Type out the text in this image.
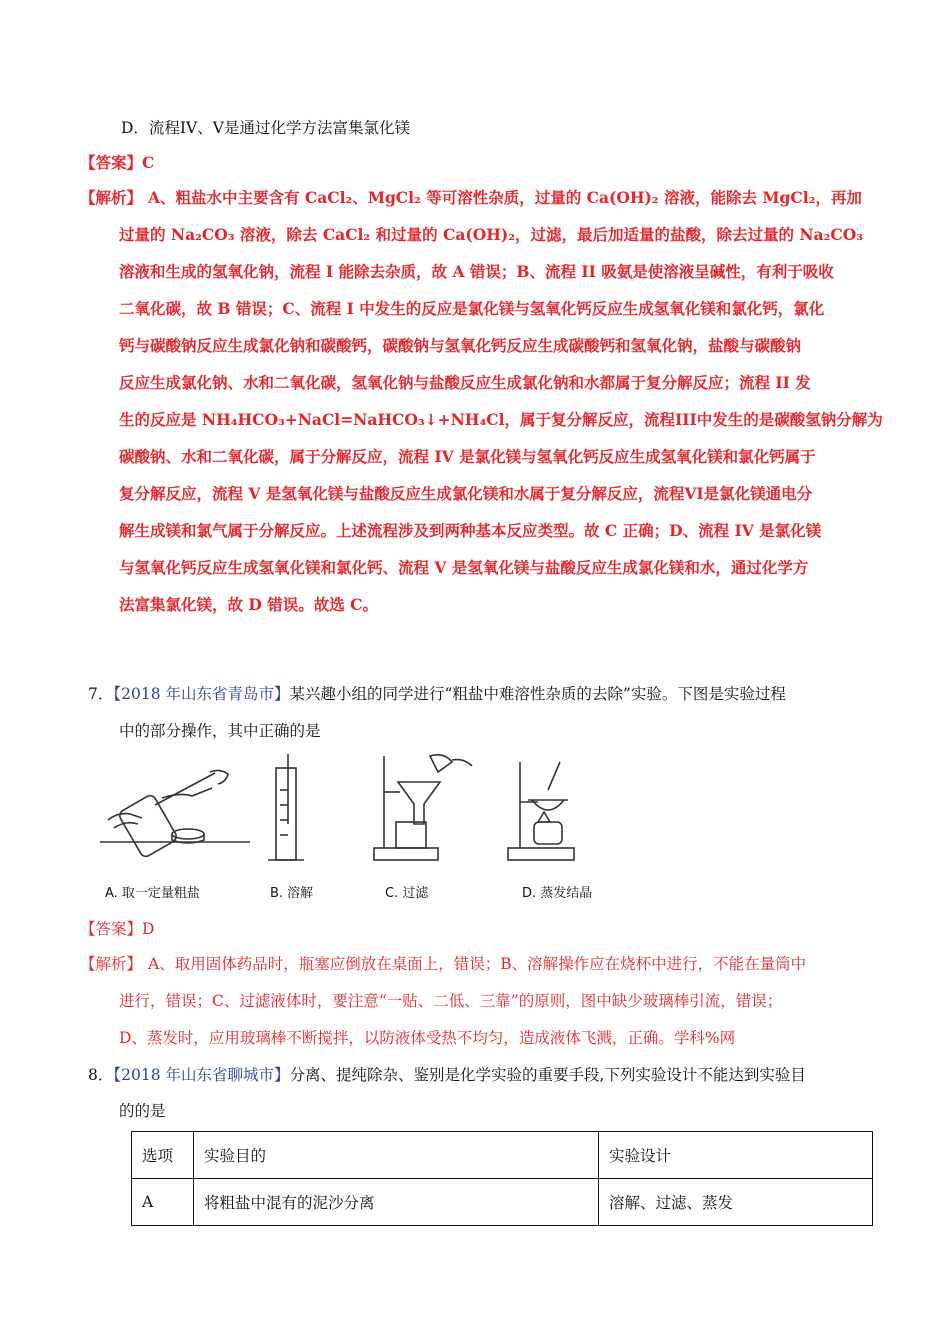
D．流程IV、V是通过化学方法富集氯化镁
【答案】C
【解析】 A、粗盐水中主要含有 CaCl₂、MgCl₂ 等可溶性杂质，过量的 Ca(OH)₂ 溶液，能除去 MgCl₂，再加
过量的 Na₂CO₃ 溶液，除去 CaCl₂ 和过量的 Ca(OH)₂，过滤，最后加适量的盐酸，除去过量的 Na₂CO₃
溶液和生成的氢氧化钠，流程 I 能除去杂质，故 A 错误；B、流程 II 吸氨是使溶液呈碱性，有利于吸收
二氧化碳，故 B 错误；C、流程 I 中发生的反应是氯化镁与氢氧化钙反应生成氢氧化镁和氯化钙，氯化
钙与碳酸钠反应生成氯化钠和碳酸钙，碳酸钠与氢氧化钙反应生成碳酸钙和氢氧化钠，盐酸与碳酸钠
反应生成氯化钠、水和二氧化碳，氢氧化钠与盐酸反应生成氯化钠和水都属于复分解反应；流程 II 发
生的反应是 NH₄HCO₃+NaCl=NaHCO₃↓+NH₄Cl，属于复分解反应，流程III中发生的是碳酸氢钠分解为
碳酸钠、水和二氧化碳，属于分解反应，流程 IV 是氯化镁与氢氧化钙反应生成氢氧化镁和氯化钙属于
复分解反应，流程 V 是氢氧化镁与盐酸反应生成氯化镁和水属于复分解反应，流程VI是氯化镁通电分
解生成镁和氯气属于分解反应。上述流程涉及到两种基本反应类型。故 C 正确；D、流程 IV 是氯化镁
与氢氧化钙反应生成氢氧化镁和氯化钙、流程 V 是氢氧化镁与盐酸反应生成氯化镁和水，通过化学方
法富集氯化镁，故 D 错误。故选 C。
7．【2018 年山东省青岛市】某兴趣小组的同学进行“粗盐中难溶性杂质的去除”实验。下图是实验过程
中的部分操作，其中正确的是
A. 取一定量粗盐	B. 溶解	C. 过滤	D. 蒸发结晶
【答案】D
【解析】 A、取用固体药品时，瓶塞应倒放在桌面上，错误；B、溶解操作应在烧杯中进行，不能在量筒中
进行，错误；C、过滤液体时，要注意“一贴、二低、三靠”的原则，图中缺少玻璃棒引流，错误；
D、蒸发时，应用玻璃棒不断搅拌，以防液体受热不均匀，造成液体飞溅，正确。学科%网
8．【2018 年山东省聊城市】分离、提纯除杂、鉴别是化学实验的重要手段,下列实验设计不能达到实验目
的的是
选项	实验目的	实验设计
A	将粗盐中混有的泥沙分离	溶解、过滤、蒸发
